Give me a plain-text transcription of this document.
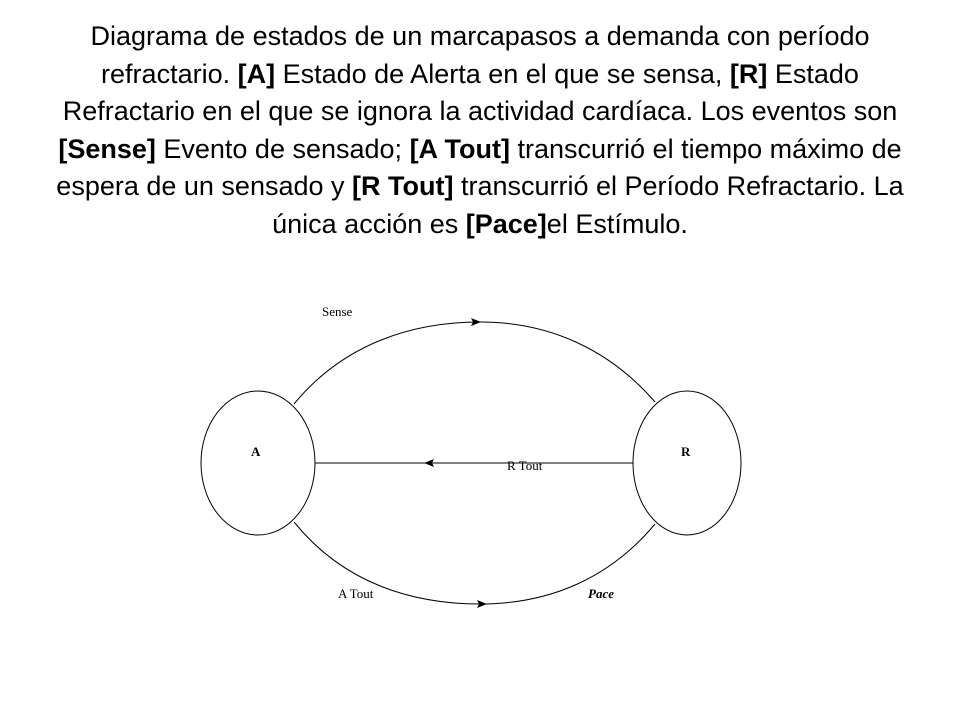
Diagrama de estados de un marcapasos a demanda con período refractario. [A] Estado de Alerta en el que se sensa, [R] Estado Refractario en el que se ignora la actividad cardíaca. Los eventos son [Sense] Evento de sensado; [A Tout] transcurrió el tiempo máximo de espera de un sensado y [R Tout] transcurrió el Período Refractario. La única acción es [Pace]el Estímulo.

A	R
Sense
R Tout
A Tout	Pace
